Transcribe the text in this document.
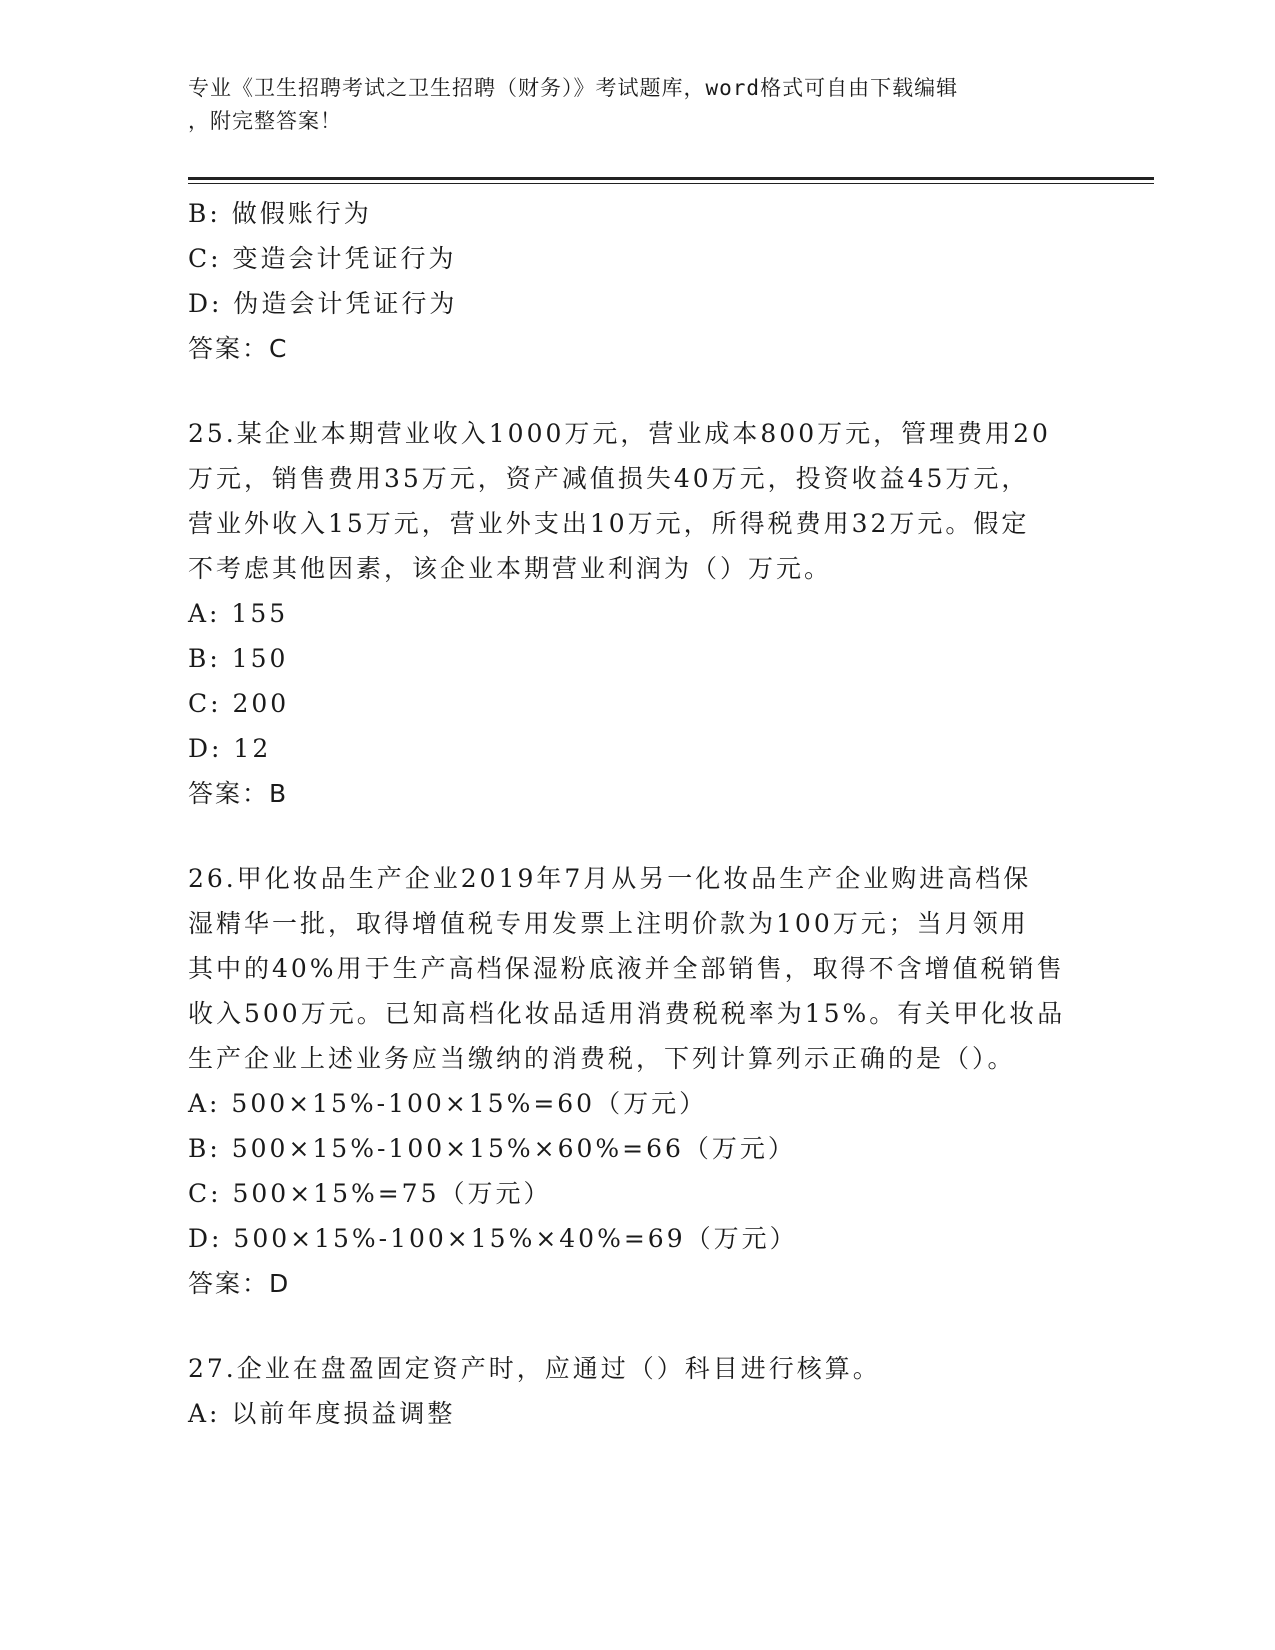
专业《卫生招聘考试之卫生招聘（财务）》考试题库，word格式可自由下载编辑
，附完整答案！
B: 做假账行为
C: 变造会计凭证行为
D: 伪造会计凭证行为
答案：C
25.某企业本期营业收入1000万元，营业成本800万元，管理费用20
万元，销售费用35万元，资产减值损失40万元，投资收益45万元，
营业外收入15万元，营业外支出10万元，所得税费用32万元。假定
不考虑其他因素，该企业本期营业利润为（）万元。
A: 155
B: 150
C: 200
D: 12
答案：B
26.甲化妆品生产企业2019年7月从另一化妆品生产企业购进高档保
湿精华一批，取得增值税专用发票上注明价款为100万元；当月领用
其中的40%用于生产高档保湿粉底液并全部销售，取得不含增值税销售
收入500万元。已知高档化妆品适用消费税税率为15%。有关甲化妆品
生产企业上述业务应当缴纳的消费税，下列计算列示正确的是（）。
A: 500×15%-100×15%=60（万元）
B: 500×15%-100×15%×60%=66（万元）
C: 500×15%=75（万元）
D: 500×15%-100×15%×40%=69（万元）
答案：D
27.企业在盘盈固定资产时，应通过（）科目进行核算。
A: 以前年度损益调整
